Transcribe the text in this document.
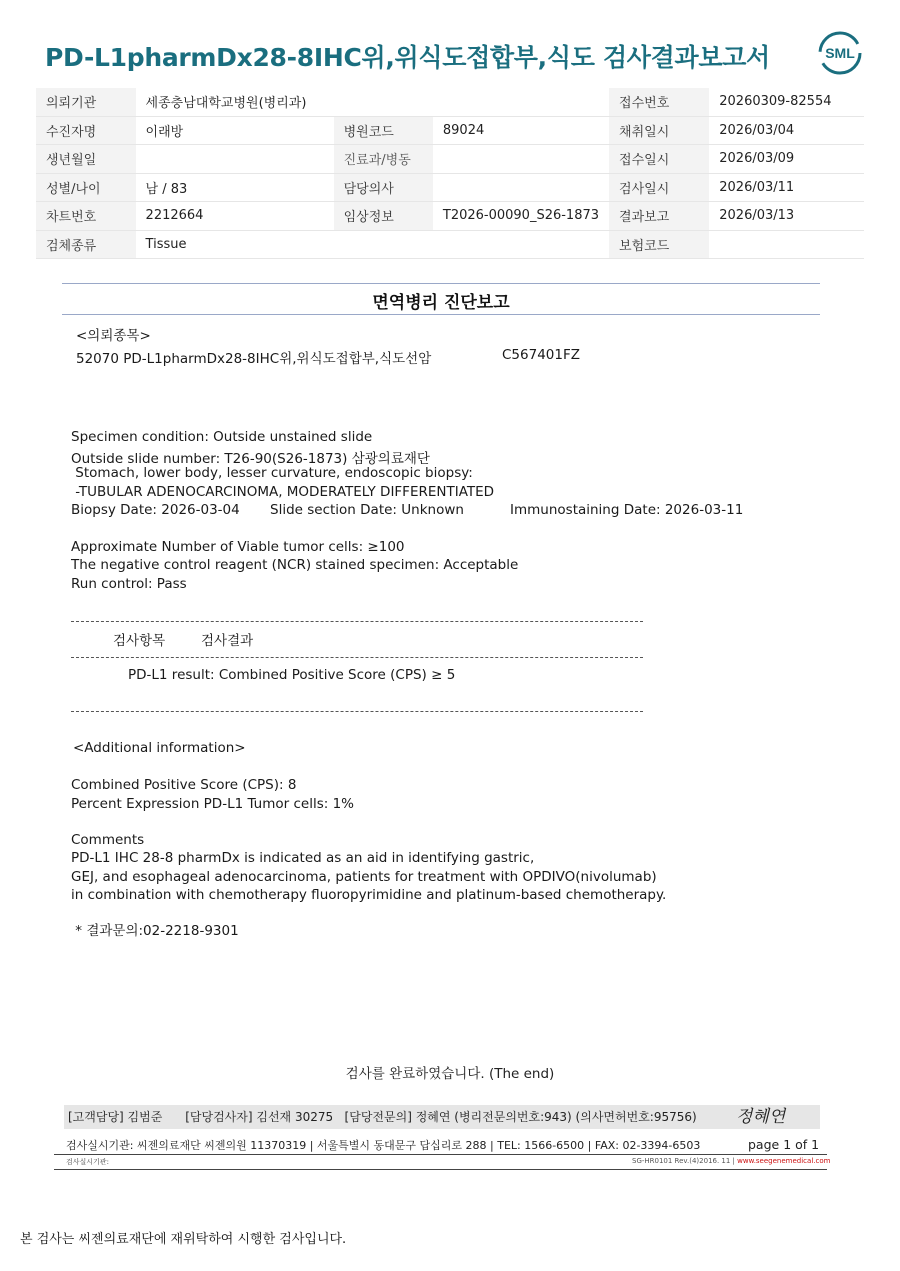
PD-L1pharmDx28-8IHC위,위식도접합부,식도 검사결과보고서	SML
의뢰기관	세종충남대학교병원(병리과)			접수번호	20260309-82554
수진자명	이래방	병원코드	89024	채취일시	2026/03/04
생년월일		진료과/병동		접수일시	2026/03/09
성별/나이	남 / 83	담당의사		검사일시	2026/03/11
차트번호	2212664	임상정보	T2026-00090_S26-1873	결과보고	2026/03/13
검체종류	Tissue			보험코드	
면역병리 진단보고
<의뢰종목>
52070 PD-L1pharmDx28-8IHC위,위식도접합부,식도선암	C567401FZ
Specimen condition: Outside unstained slide
Outside slide number: T26-90(S26-1873) 삼광의료재단
Stomach, lower body, lesser curvature, endoscopic biopsy:
-TUBULAR ADENOCARCINOMA, MODERATELY DIFFERENTIATED
Biopsy Date: 2026-03-04 Slide section Date: Unknown	Immunostaining Date: 2026-03-11
Approximate Number of Viable tumor cells: ≥100
The negative control reagent (NCR) stained specimen: Acceptable
Run control: Pass
검사항목	검사결과
PD-L1 result: Combined Positive Score (CPS) ≥ 5
<Additional information>
Combined Positive Score (CPS): 8
Percent Expression PD-L1 Tumor cells: 1%
Comments
PD-L1 IHC 28-8 pharmDx is indicated as an aid in identifying gastric,
GEJ, and esophageal adenocarcinoma, patients for treatment with OPDIVO(nivolumab)
in combination with chemotherapy fluoropyrimidine and platinum-based chemotherapy.
* 결과문의:02-2218-9301
검사를 완료하였습니다. (The end)
[고객담당] 김범준      [담당검사자] 김선재 30275   [담당전문의] 정혜연 (병리전문의번호:943) (의사면허번호:95756) 정혜연
검사실시기관: 씨젠의료재단 씨젠의원 11370319 | 서울특별시 동대문구 답십리로 288 | TEL: 1566-6500 | FAX: 02-3394-6503	page 1 of 1
검사실시기관:	SG-HR0101 Rev.(4)2016. 11 | www.seegenemedical.com
본 검사는 씨젠의료재단에 재위탁하여 시행한 검사입니다.
